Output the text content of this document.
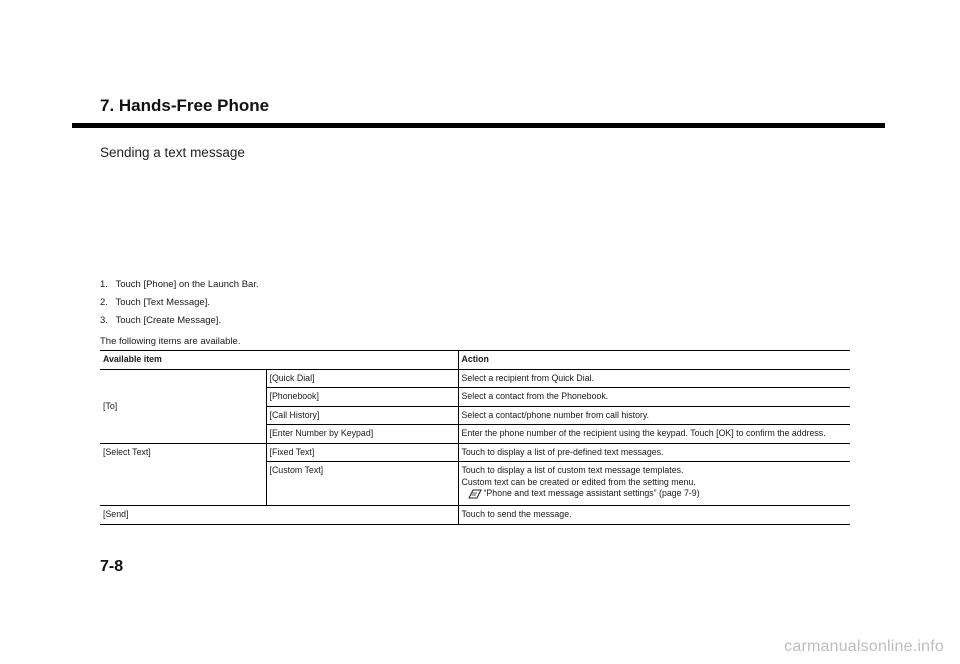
7. Hands-Free Phone
Sending a text message
1. Touch [Phone] on the Launch Bar.
2. Touch [Text Message].
3. Touch [Create Message].
The following items are available.
Available item		Action
[To]	[Quick Dial]	Select a recipient from Quick Dial.
	[Phonebook]	Select a contact from the Phonebook.
	[Call History]	Select a contact/phone number from call history.
	[Enter Number by Keypad]	Enter the phone number of the recipient using the keypad. Touch [OK] to confirm the address.
[Select Text]	[Fixed Text]	Touch to display a list of pre-defined text messages.
	[Custom Text]	Touch to display a list of custom text message templates.
Custom text can be created or edited from the setting menu.
“Phone and text message assistant settings” (page 7-9)

[Send]		Touch to send the message.
7-8
carmanualsonline.info
